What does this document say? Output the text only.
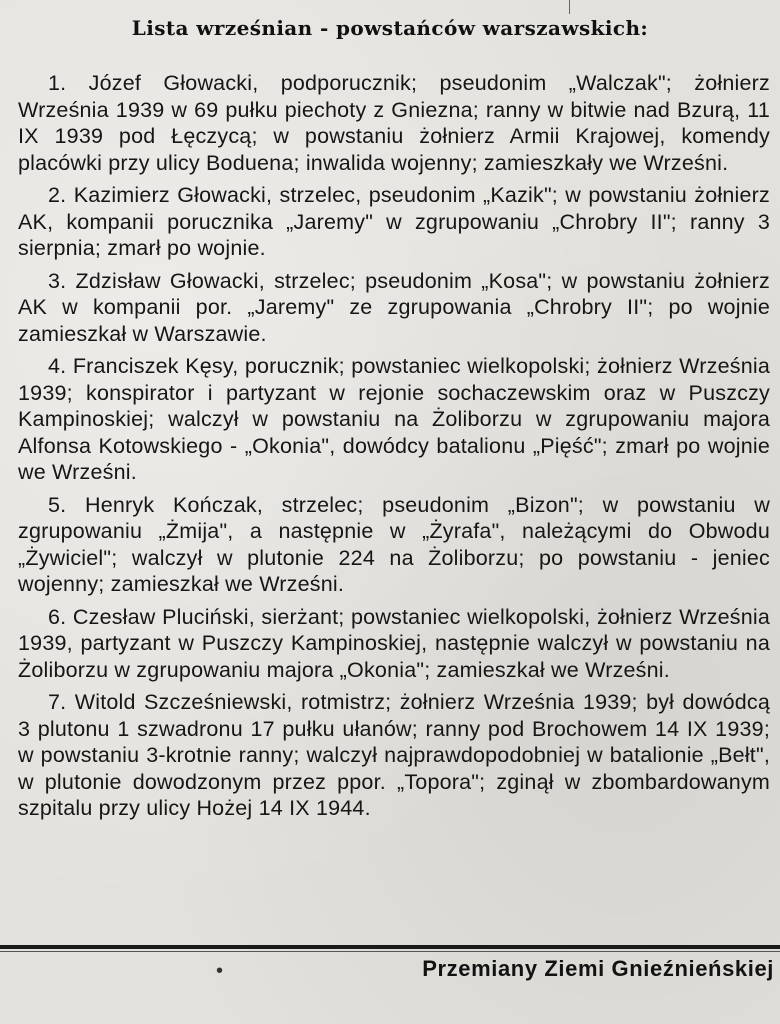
Lista wrześnian - powstańców warszawskich:

1. Józef Głowacki, podporucznik; pseudonim „Walczak"; żołnierz Września 1939 w 69 pułku piechoty z Gniezna; ranny w bitwie nad Bzurą, 11 IX 1939 pod Łęczycą; w powstaniu żołnierz Armii Krajowej, komendy placówki przy ulicy Boduena; inwalida wojenny; zamieszkały we Wrześni.

2. Kazimierz Głowacki, strzelec, pseudonim „Kazik"; w powstaniu żołnierz AK, kompanii porucznika „Jaremy" w zgrupowaniu „Chrobry II"; ranny 3 sierpnia; zmarł po wojnie.

3. Zdzisław Głowacki, strzelec; pseudonim „Kosa"; w powstaniu żołnierz AK w kompanii por. „Jaremy" ze zgrupowania „Chrobry II"; po wojnie zamieszkał w Warszawie.

4. Franciszek Kęsy, porucznik; powstaniec wielkopolski; żołnierz Września 1939; konspirator i partyzant w rejonie sochaczewskim oraz w Puszczy Kampinoskiej; walczył w powstaniu na Żoliborzu w zgrupowaniu majora Alfonsa Kotowskiego - „Okonia", dowódcy batalionu „Pięść"; zmarł po wojnie we Wrześni.

5. Henryk Kończak, strzelec; pseudonim „Bizon"; w powstaniu w zgrupowaniu „Żmija", a następnie w „Żyrafa", należącymi do Obwodu „Żywiciel"; walczył w plutonie 224 na Żoliborzu; po powstaniu - jeniec wojenny; zamieszkał we Wrześni.

6. Czesław Pluciński, sierżant; powstaniec wielkopolski, żołnierz Września 1939, partyzant w Puszczy Kampinoskiej, następnie walczył w powstaniu na Żoliborzu w zgrupowaniu majora „Okonia"; zamieszkał we Wrześni.

7. Witold Szcześniewski, rotmistrz; żołnierz Września 1939; był dowódcą 3 plutonu 1 szwadronu 17 pułku ułanów; ranny pod Brochowem 14 IX 1939; w powstaniu 3-krotnie ranny; walczył najprawdopodobniej w batalionie „Bełt", w plutonie dowodzonym przez ppor. „Topora"; zginął w zbombardowanym szpitalu przy ulicy Hożej 14 IX 1944.

•	Przemiany Ziemi Gnieźnieńskiej
